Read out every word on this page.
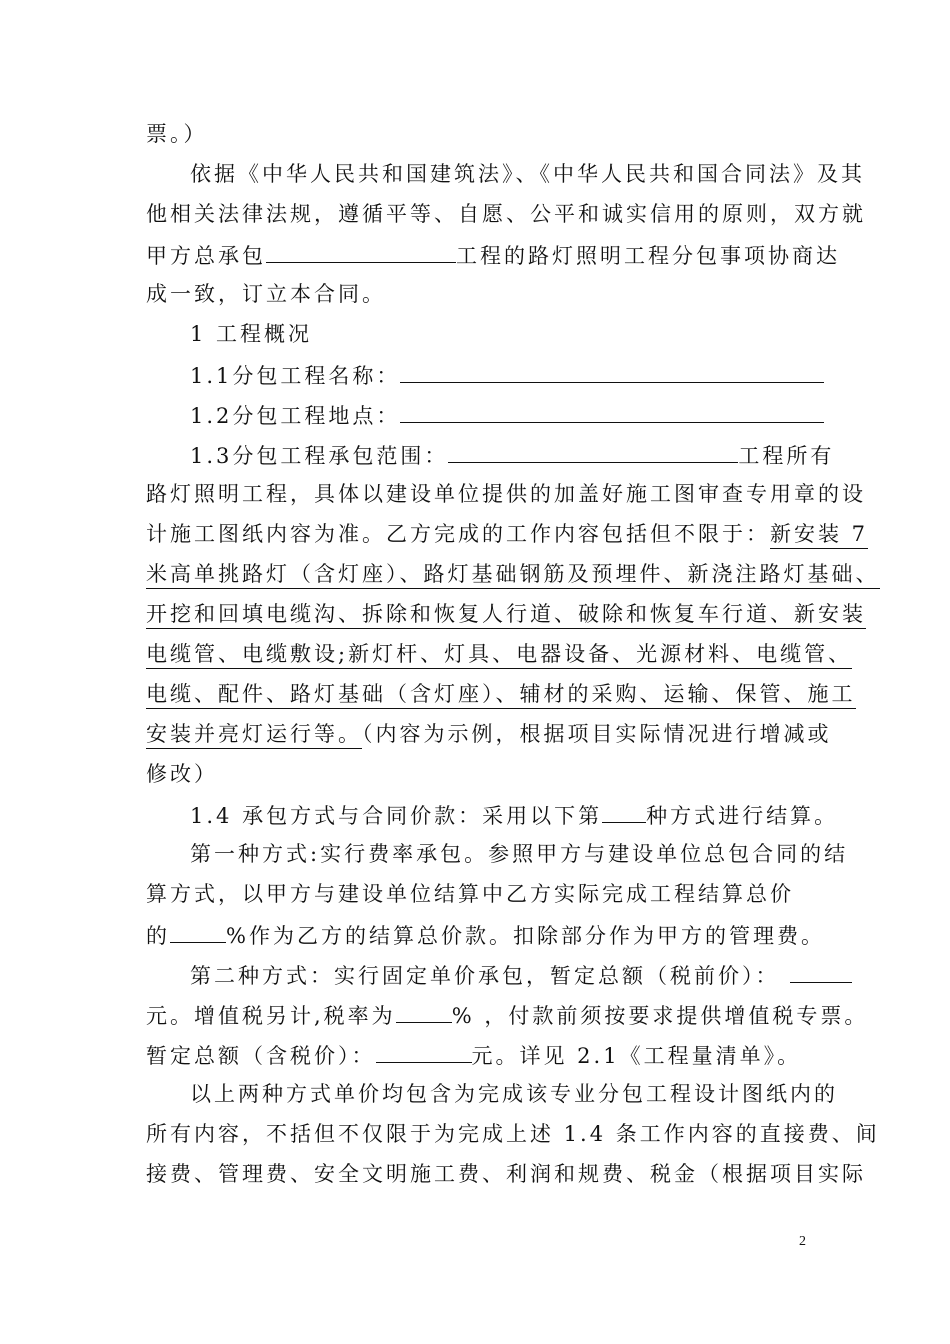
票。）
依据《中华人民共和国建筑法》、《中华人民共和国合同法》及其
他相关法律法规，遵循平等、自愿、公平和诚实信用的原则，双方就
甲方总承包	工程的路灯照明工程分包事项协商达
成一致，订立本合同。
1 工程概况
1.1分包工程名称：
1.2分包工程地点：
1.3分包工程承包范围：	工程所有
路灯照明工程，具体以建设单位提供的加盖好施工图审查专用章的设
计施工图纸内容为准。乙方完成的工作内容包括但不限于：新安装 7
米高单挑路灯（含灯座）、路灯基础钢筋及预埋件、新浇注路灯基础、
开挖和回填电缆沟、拆除和恢复人行道、破除和恢复车行道、新安装
电缆管、电缆敷设;新灯杆、灯具、电器设备、光源材料、电缆管、
电缆、配件、路灯基础（含灯座）、辅材的采购、运输、保管、施工
安装并亮灯运行等。（内容为示例，根据项目实际情况进行增减或
修改）
1.4 承包方式与合同价款：采用以下第 种方式进行结算。
第一种方式:实行费率承包。参照甲方与建设单位总包合同的结
算方式，以甲方与建设单位结算中乙方实际完成工程结算总价
的	%作为乙方的结算总价款。扣除部分作为甲方的管理费。
第二种方式：实行固定单价承包，暂定总额（税前价）：
元。增值税另计,税率为	% ，付款前须按要求提供增值税专票。
暂定总额（含税价）：	元。详见 2.1《工程量清单》。
以上两种方式单价均包含为完成该专业分包工程设计图纸内的
所有内容，不括但不仅限于为完成上述 1.4 条工作内容的直接费、间
接费、管理费、安全文明施工费、利润和规费、税金（根据项目实际
2
